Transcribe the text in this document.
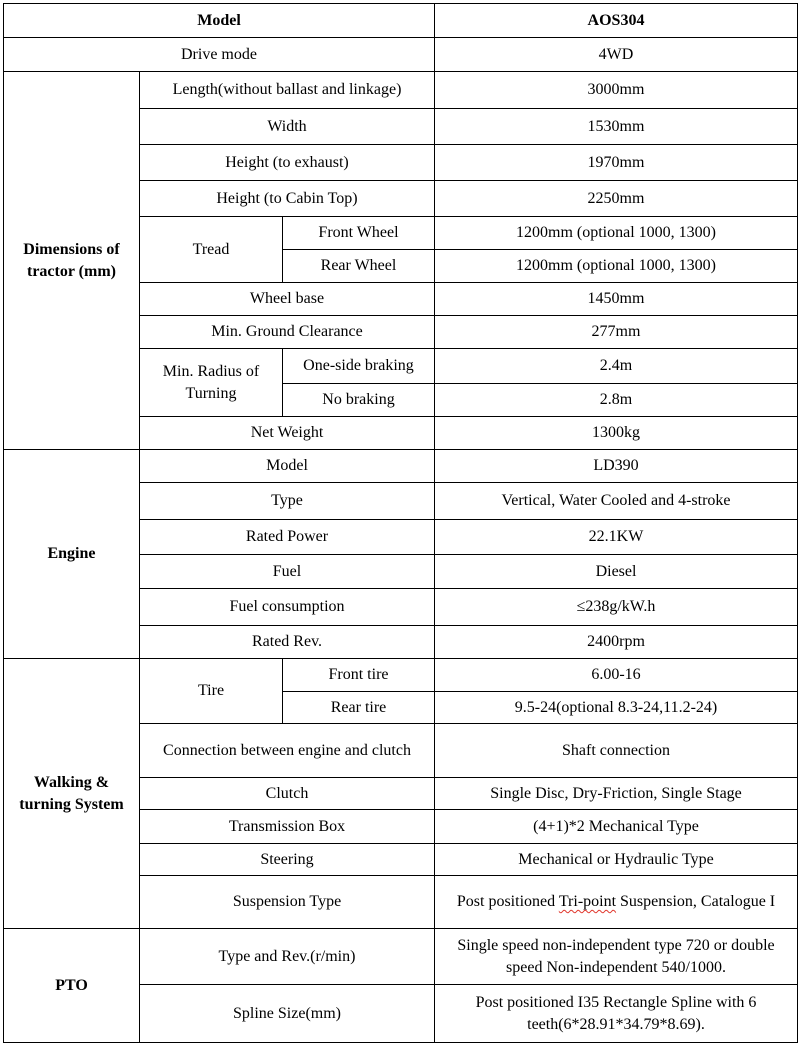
Model			AOS304
Drive mode			4WD
Dimensions of tractor (mm)	Length(without ballast and linkage)		3000mm
	Width		1530mm
	Height (to exhaust)		1970mm
	Height (to Cabin Top)		2250mm
	Tread	Front Wheel	1200mm (optional 1000, 1300)
		Rear Wheel	1200mm (optional 1000, 1300)
	Wheel base		1450mm
	Min. Ground Clearance		277mm
	Min. Radius of Turning	One-side braking	2.4m
		No braking	2.8m
	Net Weight		1300kg
Engine	Model		LD390
	Type		Vertical, Water Cooled and 4-stroke
	Rated Power		22.1KW
	Fuel		Diesel
	Fuel consumption		≤238g/kW.h
	Rated Rev.		2400rpm
Walking & turning System	Tire	Front tire	6.00-16
		Rear tire	9.5-24(optional 8.3-24,11.2-24)
	Connection between engine and clutch		Shaft connection
	Clutch		Single Disc, Dry-Friction, Single Stage
	Transmission Box		(4+1)*2 Mechanical Type
	Steering		Mechanical or Hydraulic Type
	Suspension Type		Post positioned Tri-point Suspension, Catalogue I
PTO	Type and Rev.(r/min)		Single speed non-independent type 720 or double speed Non-independent 540/1000.
	Spline Size(mm)		Post positioned I35 Rectangle Spline with 6 teeth(6*28.91*34.79*8.69).
